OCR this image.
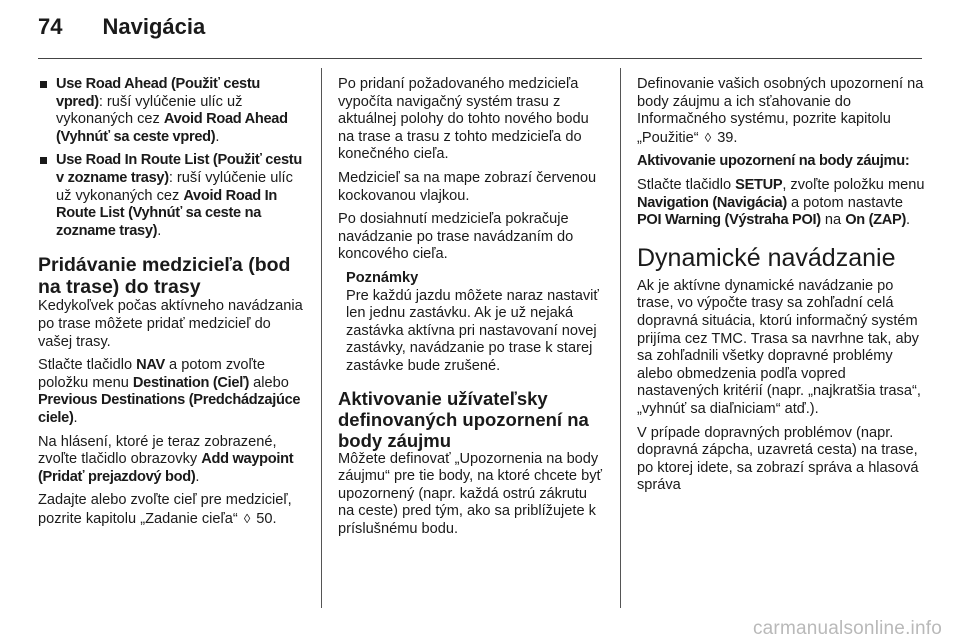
74 Navigácia
Use Road Ahead (Použiť cestu vpred): ruší vylúčenie ulíc už vykonaných cez Avoid Road Ahead (Vyhnúť sa ceste vpred).
Use Road In Route List (Použiť cestu v zozname trasy): ruší vylúčenie ulíc už vykonaných cez Avoid Road In Route List (Vyhnúť sa ceste na zozname trasy).
Pridávanie medzicieľa (bod na trase) do trasy

Kedykoľvek počas aktívneho navádzania po trase môžete pridať medzicieľ do vašej trasy.

Stlačte tlačidlo NAV a potom zvoľte položku menu Destination (Cieľ) alebo Previous Destinations (Predchádzajúce ciele).

Na hlásení, ktoré je teraz zobrazené, zvoľte tlačidlo obrazovky Add waypoint (Pridať prejazdový bod).

Zadajte alebo zvoľte cieľ pre medzicieľ, pozrite kapitolu „Zadanie cieľa“ ◊ 50.

Po pridaní požadovaného medzicieľa vypočíta navigačný systém trasu z aktuálnej polohy do tohto nového bodu na trase a trasu z tohto medzicieľa do konečného cieľa.

Medzicieľ sa na mape zobrazí červenou kockovanou vlajkou.

Po dosiahnutí medzicieľa pokračuje navádzanie po trase navádzaním do koncového cieľa.

Poznámky

Pre každú jazdu môžete naraz nastaviť len jednu zastávku. Ak je už nejaká zastávka aktívna pri nastavovaní novej zastávky, navádzanie po trase k starej zastávke bude zrušené.

Aktivovanie užívateľsky definovaných upozornení na body záujmu

Môžete definovať „Upozornenia na body záujmu“ pre tie body, na ktoré chcete byť upozornený (napr. každá ostrú zákrutu na ceste) pred tým, ako sa priblížujete k príslušnému bodu.

Definovanie vašich osobných upozornení na body záujmu a ich sťahovanie do Informačného systému, pozrite kapitolu „Použitie“ ◊ 39.

Aktivovanie upozornení na body záujmu:

Stlačte tlačidlo SETUP, zvoľte položku menu Navigation (Navigácia) a potom nastavte POI Warning (Výstraha POI) na On (ZAP).

Dynamické navádzanie

Ak je aktívne dynamické navádzanie po trase, vo výpočte trasy sa zohľadní celá dopravná situácia, ktorú informačný systém prijíma cez TMC. Trasa sa navrhne tak, aby sa zohľadnili všetky dopravné problémy alebo obmedzenia podľa vopred nastavených kritérií (napr. „najkratšia trasa“, „vyhnúť sa diaľniciam“ atď.).

V prípade dopravných problémov (napr. dopravná zápcha, uzavretá cesta) na trase, po ktorej idete, sa zobrazí správa a hlasová správa

carmanualsonline.info
